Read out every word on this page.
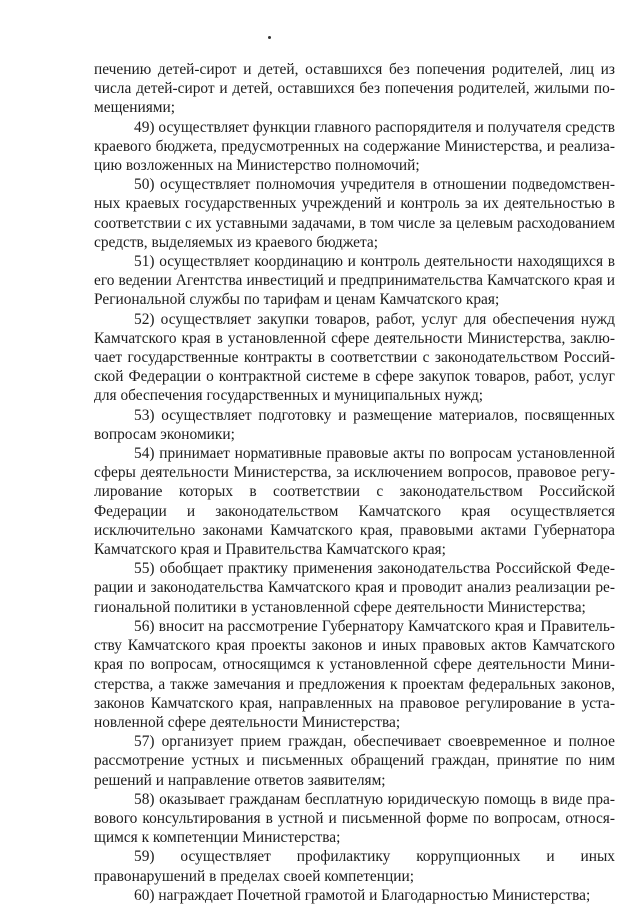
печению детей-сирот и детей, оставшихся без попечения родителей, лиц из числа детей-сирот и детей, оставшихся без попечения родителей, жилыми помещениями;

49) осуществляет функции главного распорядителя и получателя средств краевого бюджета, предусмотренных на содержание Министерства, и реализацию возложенных на Министерство полномочий;

50) осуществляет полномочия учредителя в отношении подведомственных краевых государственных учреждений и контроль за их деятельностью в соответствии с их уставными задачами, в том числе за целевым расходованием средств, выделяемых из краевого бюджета;

51) осуществляет координацию и контроль деятельности находящихся в его ведении Агентства инвестиций и предпринимательства Камчатского края и Региональной службы по тарифам и ценам Камчатского края;

52) осуществляет закупки товаров, работ, услуг для обеспечения нужд Камчатского края в установленной сфере деятельности Министерства, заключает государственные контракты в соответствии с законодательством Российской Федерации о контрактной системе в сфере закупок товаров, работ, услуг для обеспечения государственных и муниципальных нужд;

53) осуществляет подготовку и размещение материалов, посвященных вопросам экономики;

54) принимает нормативные правовые акты по вопросам установленной сферы деятельности Министерства, за исключением вопросов, правовое регулирование которых в соответствии с законодательством Российской Федерации и законодательством Камчатского края осуществляется исключительно законами Камчатского края, правовыми актами Губернатора Камчатского края и Правительства Камчатского края;

55) обобщает практику применения законодательства Российской Федерации и законодательства Камчатского края и проводит анализ реализации региональной политики в установленной сфере деятельности Министерства;

56) вносит на рассмотрение Губернатору Камчатского края и Правительству Камчатского края проекты законов и иных правовых актов Камчатского края по вопросам, относящимся к установленной сфере деятельности Министерства, а также замечания и предложения к проектам федеральных законов, законов Камчатского края, направленных на правовое регулирование в установленной сфере деятельности Министерства;

57) организует прием граждан, обеспечивает своевременное и полное рассмотрение устных и письменных обращений граждан, принятие по ним решений и направление ответов заявителям;

58) оказывает гражданам бесплатную юридическую помощь в виде правового консультирования в устной и письменной форме по вопросам, относящимся к компетенции Министерства;

59) осуществляет профилактику коррупционных и иных правонарушений в пределах своей компетенции;

60) награждает Почетной грамотой и Благодарностью Министерства;
